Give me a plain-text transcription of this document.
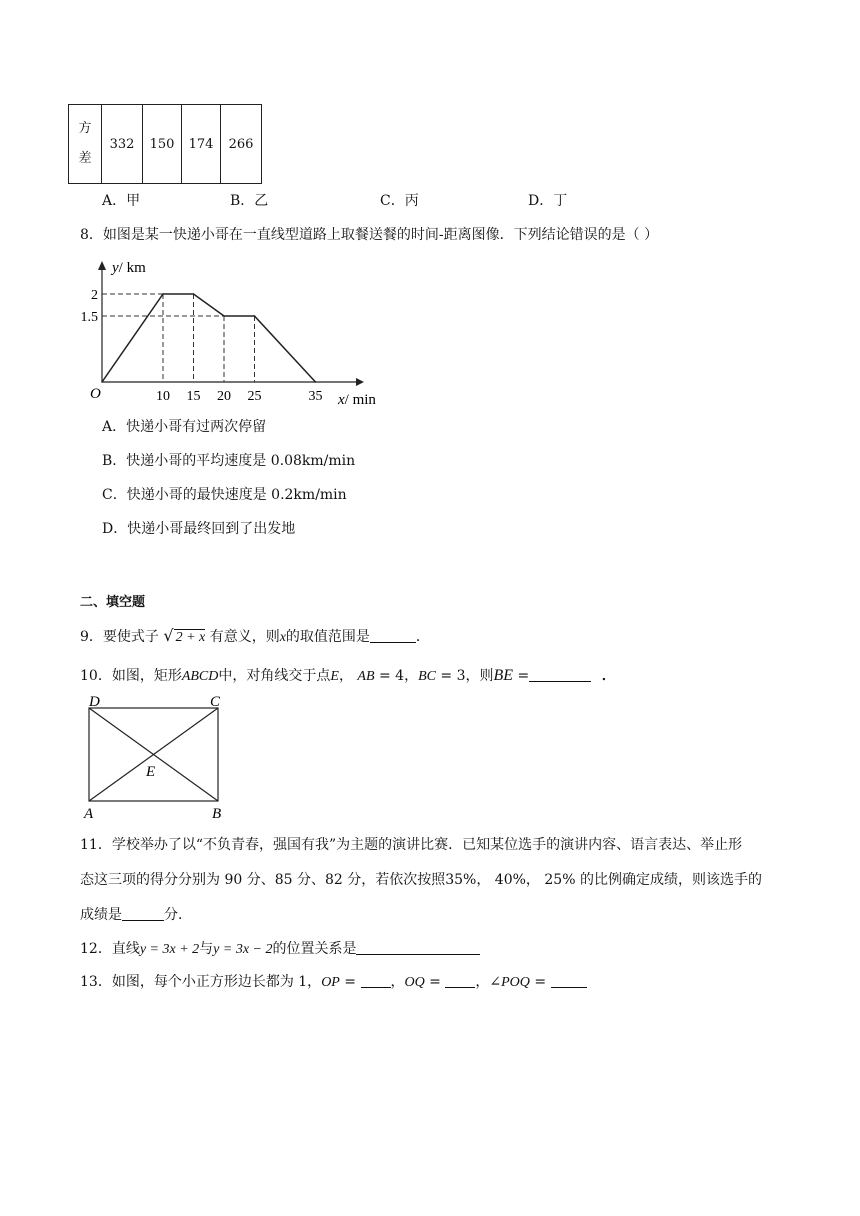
方
差
	332	150	174	266
A．甲	B．乙	C．丙	D．丁
8．如图是某一快递小哥在一直线型道路上取餐送餐的时间-距离图像．下列结论错误的是（ ）
10 15 20 25	35
2
1.5
O
y/ km
x/ min
A．快递小哥有过两次停留
B．快递小哥的平均速度是 0.08km/min
C．快递小哥的最快速度是 0.2km/min
D．快递小哥最终回到了出发地
二、填空题
9．要使式子 √ 2 + x 有意义，则x的取值范围是	．
10．如图，矩形ABCD中，对角线交于点E， AB = 4，BC = 3，则BE =	．
D	C
E
A	B
11．学校举办了以“不负青春，强国有我”为主题的演讲比赛．已知某位选手的演讲内容、语言表达、举止形
态这三项的得分分别为 90 分、85 分、82 分，若依次按照35%， 40%， 25% 的比例确定成绩，则该选手的
成绩是	分．
12．直线y = 3x + 2与y = 3x − 2的位置关系是
13．如图，每个小正方形边长都为 1，OP = ，OQ = ，∠POQ =
